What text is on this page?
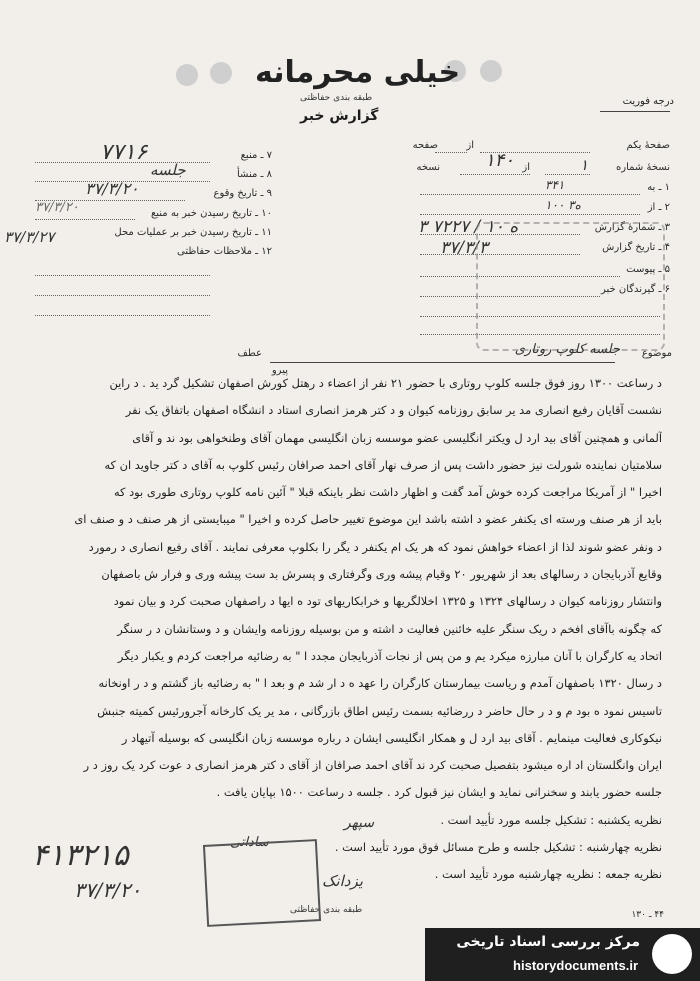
خیلی محرمانه
طبقه بندی حفاظتی	درجه فوریت
گزارش خبر
صفحهٔ یکم
از
صفحه
نسخهٔ شماره
۱
از
۱۴۰
نسخه
۱ ـ به
۳۴۱
۲ ـ از
۱۰۰ ه۳
۳ ـ شمارهٔ گزارش
۳ ه ۱۰ / ۷۲۲۷
۴ ـ تاریخ گزارش
۳۷/۳/۳
۵ ـ پیوست
۶ ـ گیرندگان خبر
۷ ـ منبع
۷۷۱۶
۸ ـ منشأ
جلسه
۹ ـ تاریخ وقوع
۳۷/۳/۲۰
۱۰ ـ تاریخ رسیدن خبر به منبع
۳۷/۳/۲۰
۱۱ ـ تاریخ رسیدن خبر بر عملیات محل
۳۷/۳/۲۷
۱۲ ـ ملاحظات حفاظتی
عطف	موضوع
جلسه کلوپ روتاری
پیرو
د رساعت ۱۳۰۰ روز فوق جلسه کلوپ روتاری با حضور ۲۱ نفر از اعضاء د رهتل کورش اصفهان تشکیل گرد ید . د راین
نشست آقایان رفیع انصاری مد یر سابق روزنامه کیوان و د کتر هرمز انصاری استاد د انشگاه اصفهان باتفاق یک نفر
آلمانی و همچنین آقای بید ارد ل ویکتر انگلیسی عضو موسسه زبان انگلیسی مهمان آقای وطنخواهی بود ند و آقای
سلامتیان نماینده شورلت نیز حضور داشت پس از صرف نهار آقای احمد صرافان رئیس کلوپ به آقای د کتر جاوید ان که
اخیرا " از آمریکا مراجعت کرده خوش آمد گفت و اظهار داشت نظر باینکه قبلا " آئین نامه کلوپ روتاری طوری بود که
باید از هر صنف ورسته ای یکنفر عضو د اشته باشد این موضوع تغییر حاصل کرده و اخیرا " میبایستی از هر صنف د و صنف ای
د ونفر عضو شوند لذا از اعضاء خواهش نمود که هر یک ام یکنفر د یگر را بکلوپ معرفی نمایند . آقای رفیع انصاری د رمورد
وقایع آذربایجان د رسالهای بعد از شهریور ۲۰ وقیام پیشه وری وگرفتاری و پسرش بد ست پیشه وری و فرار ش باصفهان
وانتشار روزنامه کیوان د رسالهای ۱۳۲۴ و ۱۳۲۵ اخلالگریها و خرابکاریهای تود ه ایها د راصفهان صحبت کرد و بیان نمود
که چگونه باآقای افخم د ریک سنگر علیه خائنین فعالیت د اشته و من بوسیله روزنامه وایشان و د وستانشان د ر سنگر
اتحاد یه کارگران با آنان مبارزه میکرد یم و من پس از نجات آذربایجان مجدد ا " به رضائیه مراجعت کردم و یکبار دیگر
د رسال ۱۳۲۰ باصفهان آمدم و ریاست بیمارستان کارگران را عهد ه د ار شد م و بعد ا " به رضائیه باز گشتم و د ر اونخانه
تاسیس نمود ه بود م و د ر حال حاضر د ررضائیه بسمت رئیس اطاق بازرگانی ، مد یر یک کارخانه آجرورئیس کمیته جنبش
نیکوکاری فعالیت مینمایم . آقای بید ارد ل و همکار انگلیسی ایشان د رباره موسسه زبان انگلیسی که بوسیله آتیهاد ر
ایران وانگلستان اد اره میشود بتفصیل صحبت کرد ند آقای احمد صرافان از آقای د کتر هرمز انصاری د عوت کرد یک روز د ر
جلسه حضور یابند و سخنرانی نماید و ایشان نیز قبول کرد . جلسه د رساعت ۱۵۰۰ بپایان یافت .
نظریه یکشنبه : تشکیل جلسه مورد تأیید است .
نظریه چهارشنبه : تشکیل جلسه و طرح مسائل فوق مورد تأیید است .
نظریه جمعه : نظریه چهارشنبه مورد تأیید است .
سپهر
ساداتی
یزدانک
طبقه بندی حفاظتی
۴۱۳۲۱۵
۳۷/۳/۲۰
۴۴ ـ ۱۳۰
مرکز بررسی اسناد تاریخی
historydocuments.ir
